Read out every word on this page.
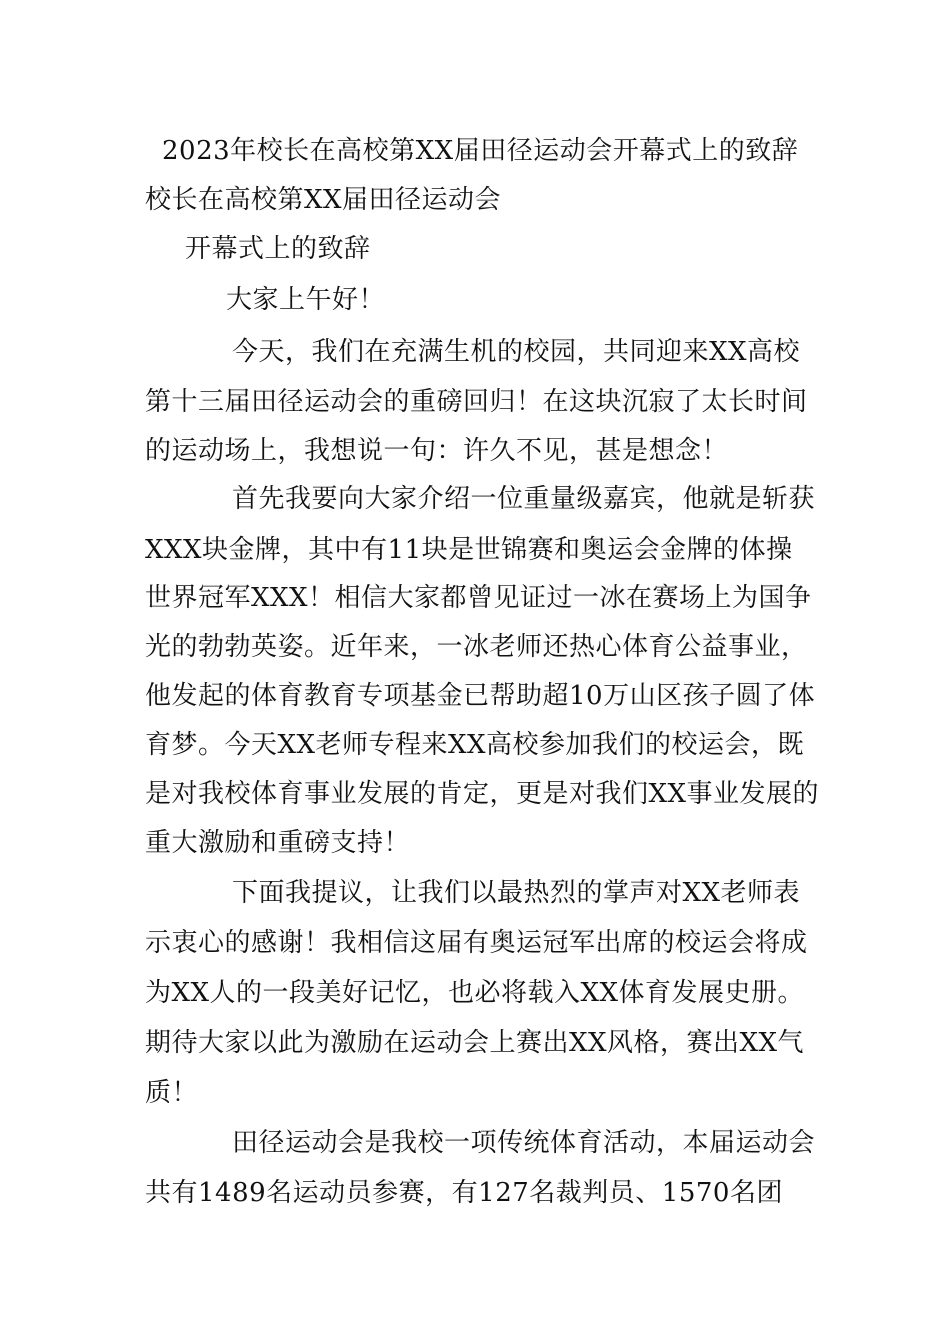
2023年校长在高校第XX届田径运动会开幕式上的致辞
校长在高校第XX届田径运动会
开幕式上的致辞
大家上午好！
今天，我们在充满生机的校园，共同迎来XX高校
第十三届田径运动会的重磅回归！在这块沉寂了太长时间
的运动场上，我想说一句：许久不见，甚是想念！
首先我要向大家介绍一位重量级嘉宾，他就是斩获
XXX块金牌，其中有11块是世锦赛和奥运会金牌的体操
世界冠军XXX！相信大家都曾见证过一冰在赛场上为国争
光的勃勃英姿。近年来，一冰老师还热心体育公益事业，
他发起的体育教育专项基金已帮助超10万山区孩子圆了体
育梦。今天XX老师专程来XX高校参加我们的校运会，既
是对我校体育事业发展的肯定，更是对我们XX事业发展的
重大激励和重磅支持！
下面我提议，让我们以最热烈的掌声对XX老师表
示衷心的感谢！我相信这届有奥运冠军出席的校运会将成
为XX人的一段美好记忆，也必将载入XX体育发展史册。
期待大家以此为激励在运动会上赛出XX风格，赛出XX气
质！
田径运动会是我校一项传统体育活动，本届运动会
共有1489名运动员参赛，有127名裁判员、1570名团
